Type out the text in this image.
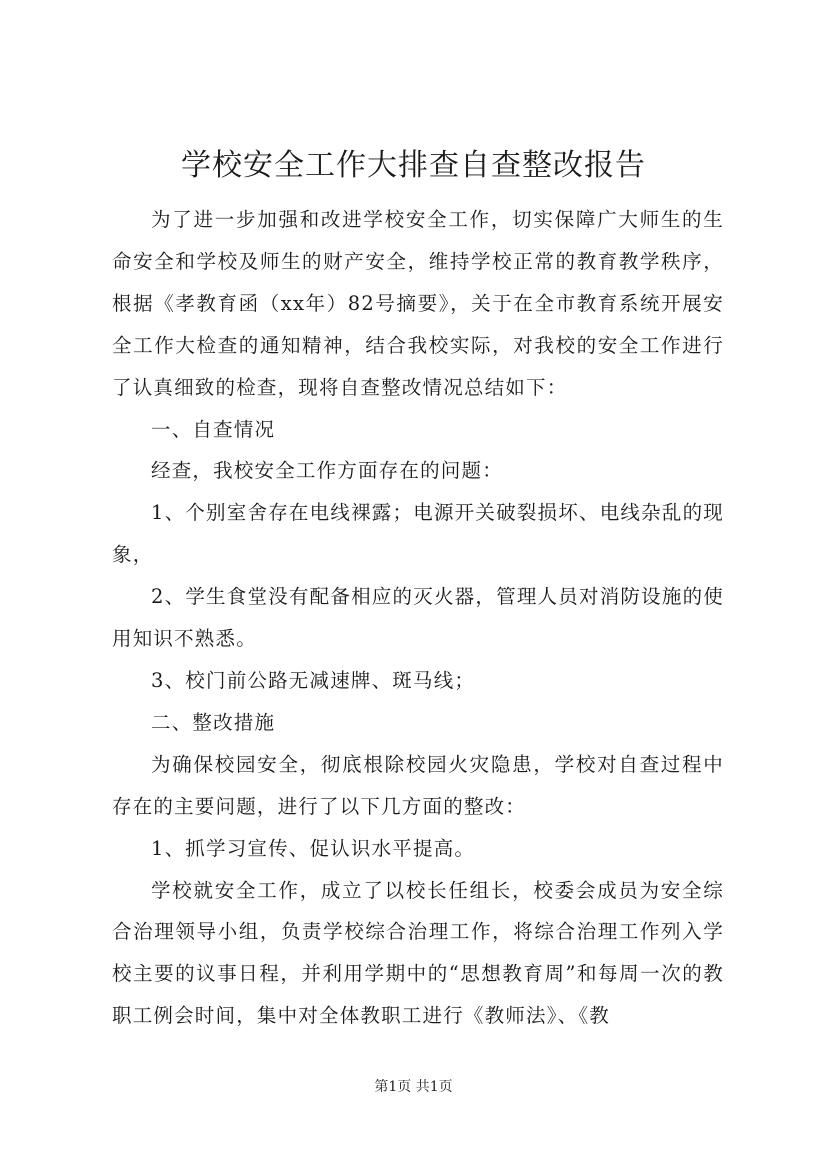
学校安全工作大排查自查整改报告

为了进一步加强和改进学校安全工作，切实保障广大师生的生命安全和学校及师生的财产安全，维持学校正常的教育教学秩序，根据《孝教育函（xx年）82号摘要》，关于在全市教育系统开展安全工作大检查的通知精神，结合我校实际，对我校的安全工作进行了认真细致的检查，现将自查整改情况总结如下：

一、自查情况

经查，我校安全工作方面存在的问题：

1、个别室舍存在电线裸露；电源开关破裂损坏、电线杂乱的现象，

2、学生食堂没有配备相应的灭火器，管理人员对消防设施的使用知识不熟悉。

3、校门前公路无减速牌、斑马线；

二、整改措施

为确保校园安全，彻底根除校园火灾隐患，学校对自查过程中存在的主要问题，进行了以下几方面的整改：

1、抓学习宣传、促认识水平提高。

学校就安全工作，成立了以校长任组长，校委会成员为安全综合治理领导小组，负责学校综合治理工作，将综合治理工作列入学校主要的议事日程，并利用学期中的“思想教育周”和每周一次的教职工例会时间，集中对全体教职工进行《教师法》、《教

第1页 共1页
